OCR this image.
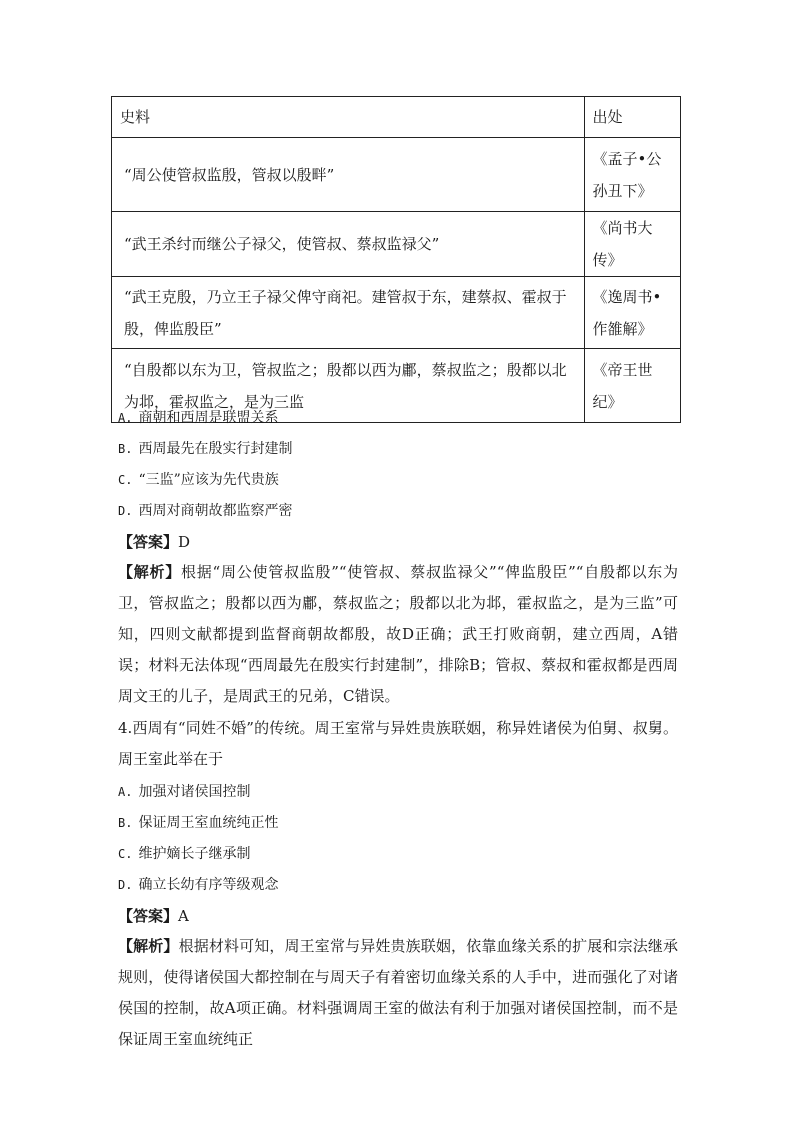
史料	出处
“周公使管叔监殷，管叔以殷畔”	《孟子•公孙丑下》
“武王杀纣而继公子禄父，使管叔、蔡叔监禄父”	《尚书大传》
“武王克殷，乃立王子禄父俾守商祀。建管叔于东，建蔡叔、霍叔于殷，俾监殷臣”	《逸周书•作雒解》
“自殷都以东为卫，管叔监之；殷都以西为鄘，蔡叔监之；殷都以北为邶，霍叔监之，是为三监	《帝王世纪》
A. 商朝和西周是联盟关系
B. 西周最先在殷实行封建制
C. “三监”应该为先代贵族
D. 西周对商朝故都监察严密
【答案】D
【解析】根据“周公使管叔监殷”“使管叔、蔡叔监禄父”“俾监殷臣”“自殷都以东为卫，管叔监之；殷都以西为鄘，蔡叔监之；殷都以北为邶，霍叔监之，是为三监”可知，四则文献都提到监督商朝故都殷，故D正确；武王打败商朝，建立西周，A错误；材料无法体现“西周最先在殷实行封建制”，排除B；管叔、蔡叔和霍叔都是西周周文王的儿子，是周武王的兄弟，C错误。
4.西周有“同姓不婚”的传统。周王室常与异姓贵族联姻，称异姓诸侯为伯舅、叔舅。周王室此举在于
A. 加强对诸侯国控制
B. 保证周王室血统纯正性
C. 维护嫡长子继承制
D. 确立长幼有序等级观念
【答案】A
【解析】根据材料可知，周王室常与异姓贵族联姻，依靠血缘关系的扩展和宗法继承规则，使得诸侯国大都控制在与周天子有着密切血缘关系的人手中，进而强化了对诸侯国的控制，故A项正确。材料强调周王室的做法有利于加强对诸侯国控制，而不是保证周王室血统纯正
